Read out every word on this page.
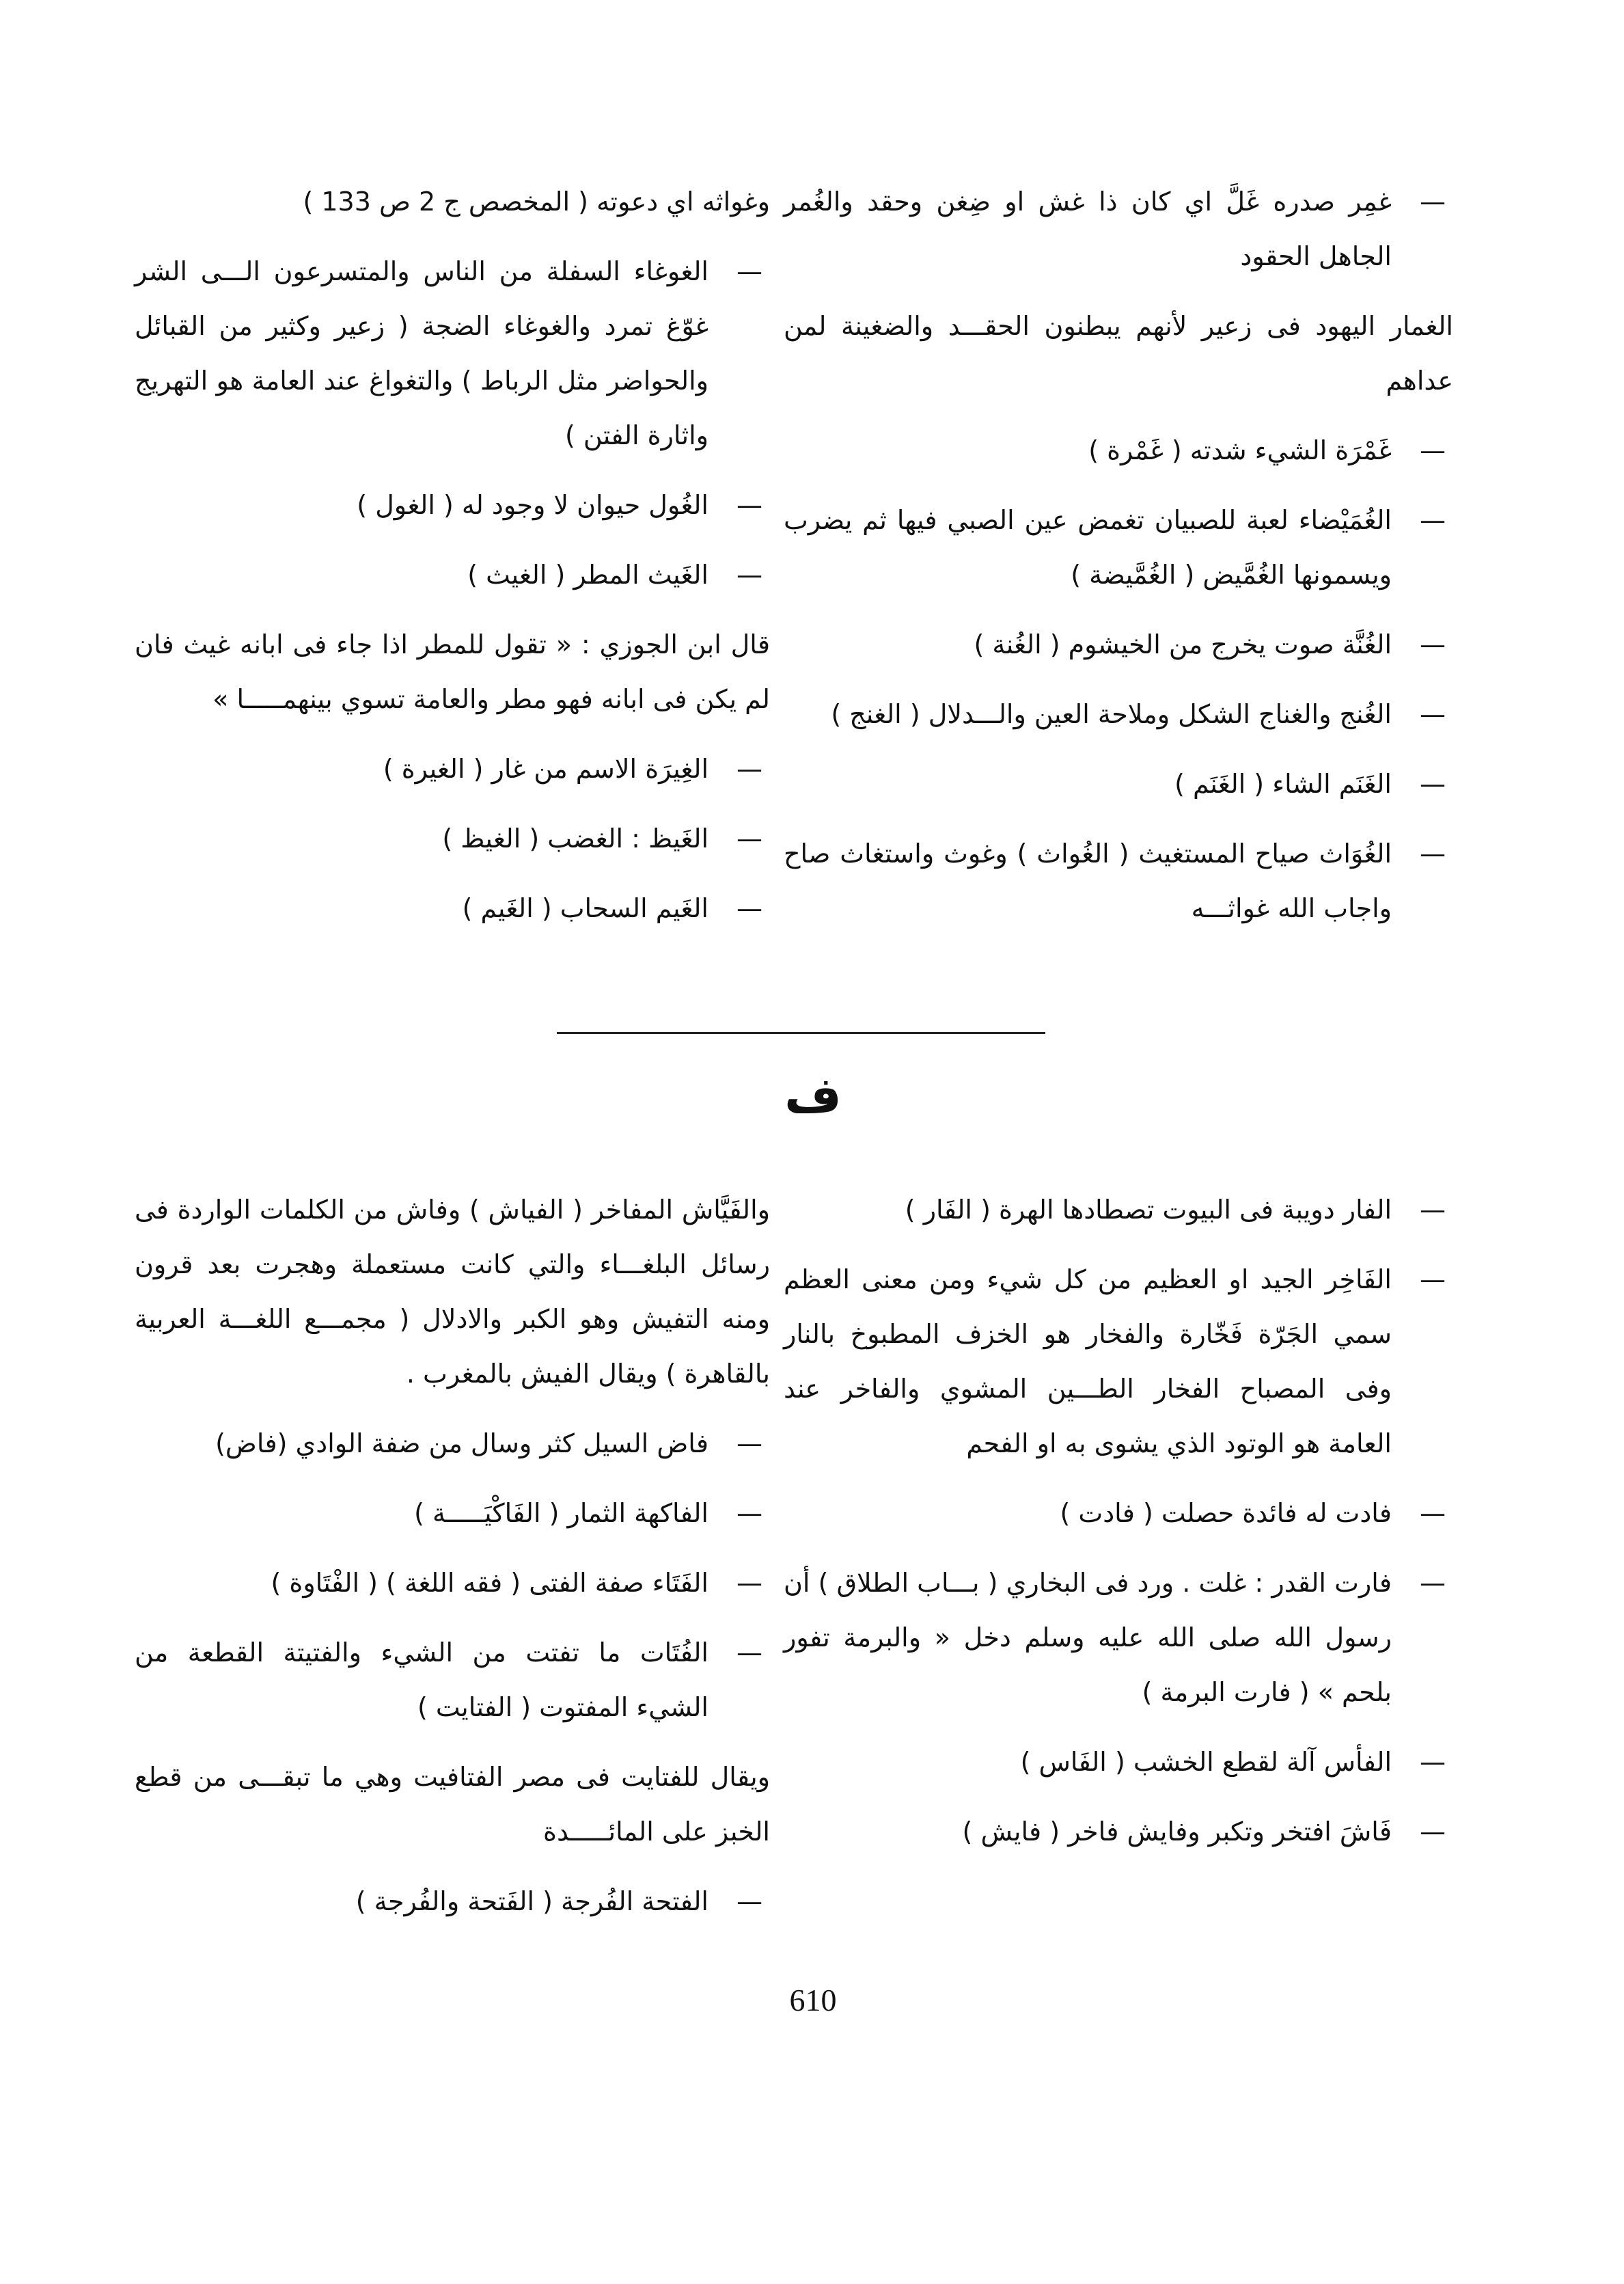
—
غمِر صدره غَلَّ اي كان ذا غش او ضِغن وحقد والغُمر الجاهل الحقود
الغمار اليهود فى زعير لأنهم يبطنون الحقـــد والضغينة لمن عداهم
—
غَمْرَة الشيء شدته ( غَمْرة )
—
الغُمَيْضاء لعبة للصبيان تغمض عين الصبي فيها ثم يضرب ويسمونها الغُمَّيض ( الغُمَّيضة )
—
الغُنَّة صوت يخرج من الخيشوم ( الغُنة )
—
الغُنج والغناج الشكل وملاحة العين والـــدلال ( الغنج )
—
الغَنَم الشاء ( الغَنَم )
—
الغُوَاث صياح المستغيث ( الغُواث ) وغوث واستغاث صاح واجاب الله غواثـــه
وغواثه اي دعوته ( المخصص ج 2 ص 133 )
—
الغوغاء السفلة من الناس والمتسرعون الـــى الشر غوّغ تمرد والغوغاء الضجة ( زعير وكثير من القبائل والحواضر مثل الرباط ) والتغواغ عند العامة هو التهريج واثارة الفتن )
—
الغُول حيوان لا وجود له ( الغول )
—
الغَيث المطر ( الغيث )
قال ابن الجوزي : « تقول للمطر اذا جاء فى ابانه غيث فان لم يكن فى ابانه فهو مطر والعامة تسوي بينهمـــــا »
—
الغِيرَة الاسم من غار ( الغيرة )
—
الغَيظ : الغضب ( الغيظ )
—
الغَيم السحاب ( الغَيم )
ف
—
الفار دويبة فى البيوت تصطادها الهرة ( الفَار )
—
الفَاخِر الجيد او العظيم من كل شيء ومن معنى العظم سمي الجَرّة فَخّارة والفخار هو الخزف المطبوخ بالنار وفى المصباح الفخار الطـــين المشوي والفاخر عند العامة هو الوتود الذي يشوى به او الفحم
—
فادت له فائدة حصلت ( فادت )
—
فارت القدر : غلت . ورد فى البخاري ( بـــاب الطلاق ) أن رسول الله صلى الله عليه وسلم دخل « والبرمة تفور بلحم » ( فارت البرمة )
—
الفأس آلة لقطع الخشب ( الفَاس )
—
فَاشَ افتخر وتكبر وفايش فاخر ( فايش )
والفَيَّاش المفاخر ( الفياش ) وفاش من الكلمات الواردة فى رسائل البلغـــاء والتي كانت مستعملة وهجرت بعد قرون ومنه التفيش وهو الكبر والادلال ( مجمـــع اللغـــة العربية بالقاهرة ) ويقال الفيش بالمغرب .
—
فاض السيل كثر وسال من ضفة الوادي (فاض)
—
الفاكهة الثمار ( الفَاكْيَـــــة )
—
الفَتَاء صفة الفتى ( فقه اللغة ) ( الفْتَاوة )
—
الفُتَات ما تفتت من الشيء والفتيتة القطعة من الشيء المفتوت ( الفتايت )
ويقال للفتايت فى مصر الفتافيت وهي ما تبقـــى من قطع الخبز على المائـــــدة
—
الفتحة الفُرجة ( الفَتحة والفُرجة )
610
